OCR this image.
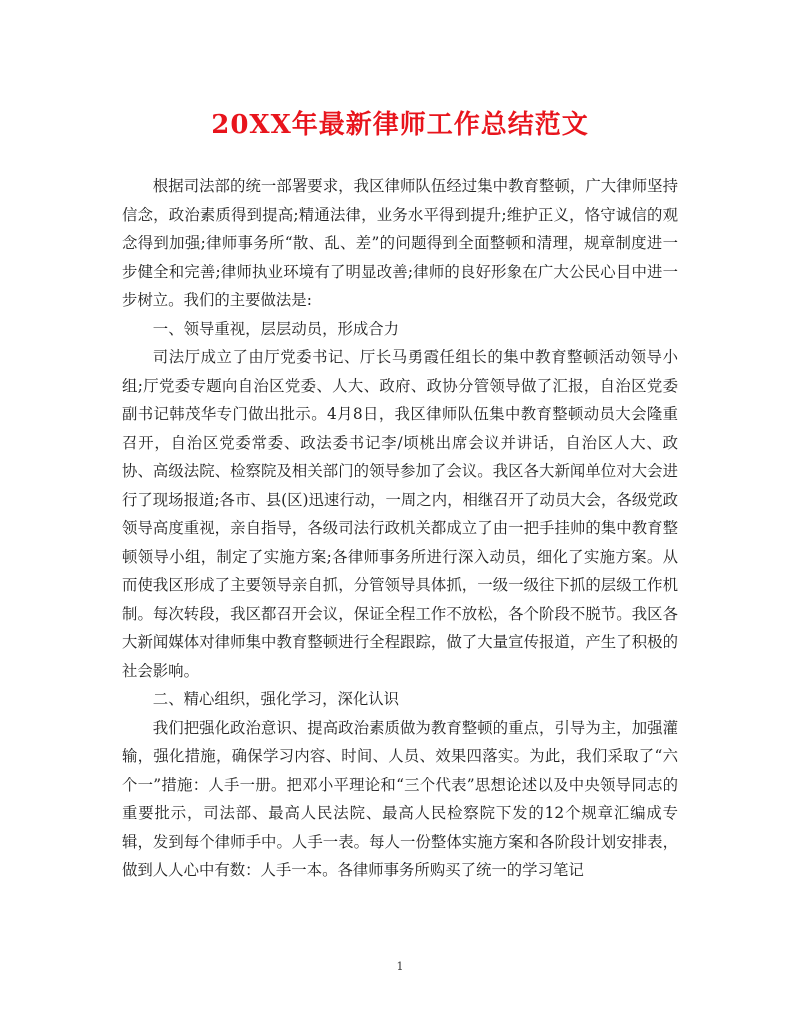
20XX年最新律师工作总结范文

根据司法部的统一部署要求，我区律师队伍经过集中教育整顿，广大律师坚持信念，政治素质得到提高;精通法律，业务水平得到提升;维护正义，恪守诚信的观念得到加强;律师事务所“散、乱、差”的问题得到全面整顿和清理，规章制度进一步健全和完善;律师执业环境有了明显改善;律师的良好形象在广大公民心目中进一步树立。我们的主要做法是:

一、领导重视，层层动员，形成合力

司法厅成立了由厅党委书记、厅长马勇霞任组长的集中教育整顿活动领导小组;厅党委专题向自治区党委、人大、政府、政协分管领导做了汇报，自治区党委副书记韩茂华专门做出批示。4月8日，我区律师队伍集中教育整顿动员大会隆重召开，自治区党委常委、政法委书记李/顷桃出席会议并讲话，自治区人大、政协、高级法院、检察院及相关部门的领导参加了会议。我区各大新闻单位对大会进行了现场报道;各市、县(区)迅速行动，一周之内，相继召开了动员大会，各级党政领导高度重视，亲自指导，各级司法行政机关都成立了由一把手挂帅的集中教育整顿领导小组，制定了实施方案;各律师事务所进行深入动员，细化了实施方案。从而使我区形成了主要领导亲自抓，分管领导具体抓，一级一级往下抓的层级工作机制。每次转段，我区都召开会议，保证全程工作不放松，各个阶段不脱节。我区各大新闻媒体对律师集中教育整顿进行全程跟踪，做了大量宣传报道，产生了积极的社会影响。

二、精心组织，强化学习，深化认识

我们把强化政治意识、提高政治素质做为教育整顿的重点，引导为主，加强灌输，强化措施，确保学习内容、时间、人员、效果四落实。为此，我们采取了“六个一”措施：人手一册。把邓小平理论和“三个代表”思想论述以及中央领导同志的重要批示，司法部、最高人民法院、最高人民检察院下发的12个规章汇编成专辑，发到每个律师手中。人手一表。每人一份整体实施方案和各阶段计划安排表，做到人人心中有数：人手一本。各律师事务所购买了统一的学习笔记

1
